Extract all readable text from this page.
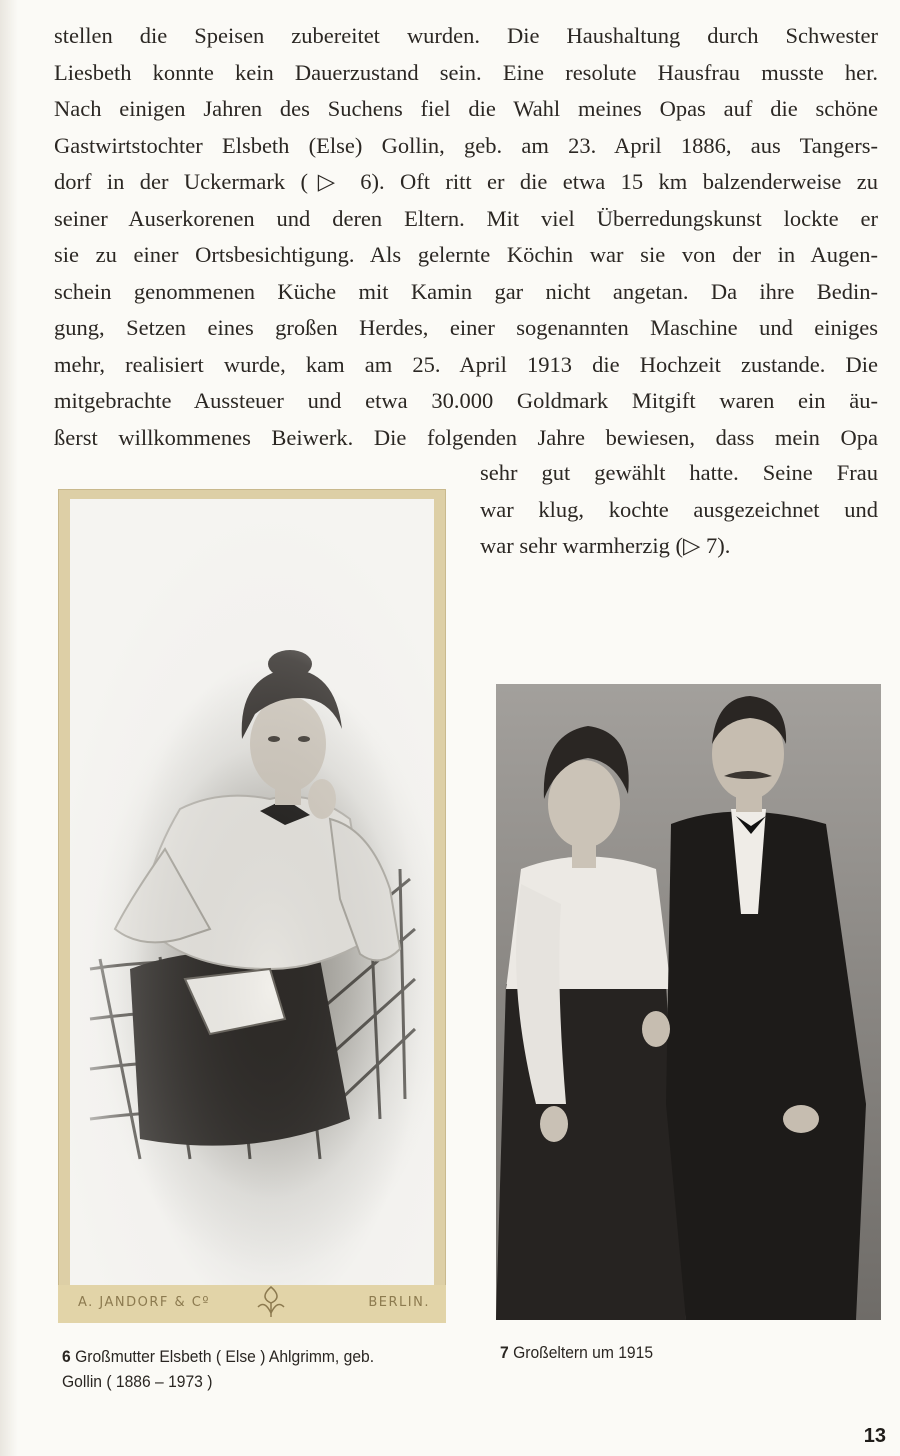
stellen die Speisen zubereitet wurden. Die Haushaltung durch Schwester
Liesbeth konnte kein Dauerzustand sein. Eine resolute Hausfrau musste her.
Nach einigen Jahren des Suchens fiel die Wahl meines Opas auf die schöne
Gastwirtstochter Elsbeth (Else) Gollin, geb. am 23. April 1886, aus Tangers-
dorf in der Uckermark (▷ 6). Oft ritt er die etwa 15 km balzenderweise zu
seiner Auserkorenen und deren Eltern. Mit viel Überredungskunst lockte er
sie zu einer Ortsbesichtigung. Als gelernte Köchin war sie von der in Augen-
schein genommenen Küche mit Kamin gar nicht angetan. Da ihre Bedin-
gung, Setzen eines großen Herdes, einer sogenannten Maschine und einiges
mehr, realisiert wurde, kam am 25. April 1913 die Hochzeit zustande. Die
mitgebrachte Aussteuer und etwa 30.000 Goldmark Mitgift waren ein äu-
ßerst willkommenes Beiwerk. Die folgenden Jahre bewiesen, dass mein Opa
sehr gut gewählt hatte. Seine Frau
war klug, kochte ausgezeichnet und
war sehr warmherzig (▷ 7).
A. JANDORF & Cº	BERLIN.
6 Großmutter Elsbeth ( Else ) Ahlgrimm, geb.
Gollin ( 1886 – 1973 )
7 Großeltern um 1915
13
